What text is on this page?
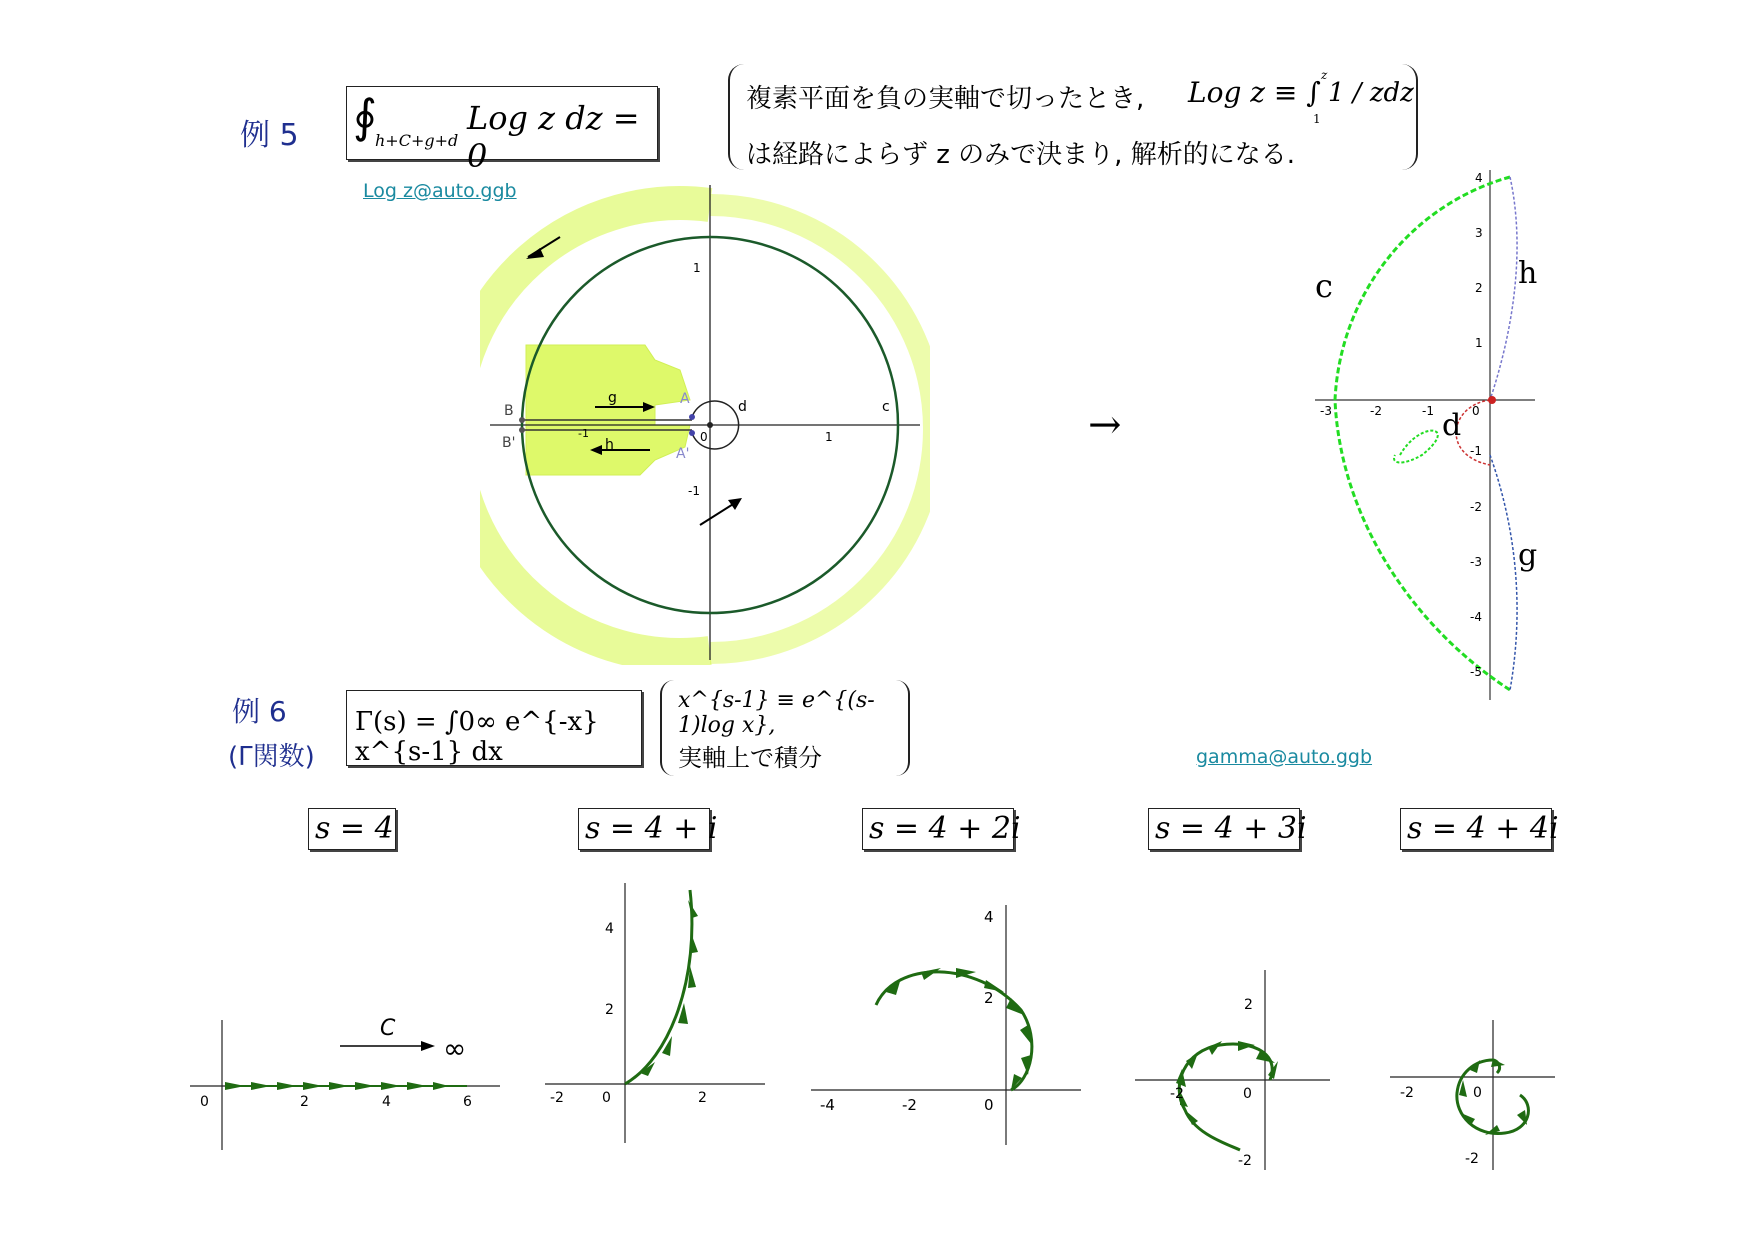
例 5 ∮
h+C+g+d
Log z dz = 0
複素平面を負の実軸で切ったとき, Log z ≡ ∫
z
1
1 / zdz
は経路によらず z のみで決まり, 解析的になる.
Log z@auto.ggb
0
-1	1
1
-1
B
B'
A
A'
g
h
d	c	→	-3	-2	-1	0
4
3
2
1
-1
-2
-3
-4
-5
c	h
d
g
例 6
(Γ関数)
Γ(s) = ∫0∞ e^{-x} x^{s-1} dx
x^{s-1} ≡ e^{(s-1)log x},
実軸上で積分	gamma@auto.ggb
s = 4	s = 4 + i	s = 4 + 2i	s = 4 + 3i	s = 4 + 4i
C
∞
0	2	4	6	0
-2	2
4
2
0
-2
-4
4
2
0
-2
2
-2
-2	0
-2
